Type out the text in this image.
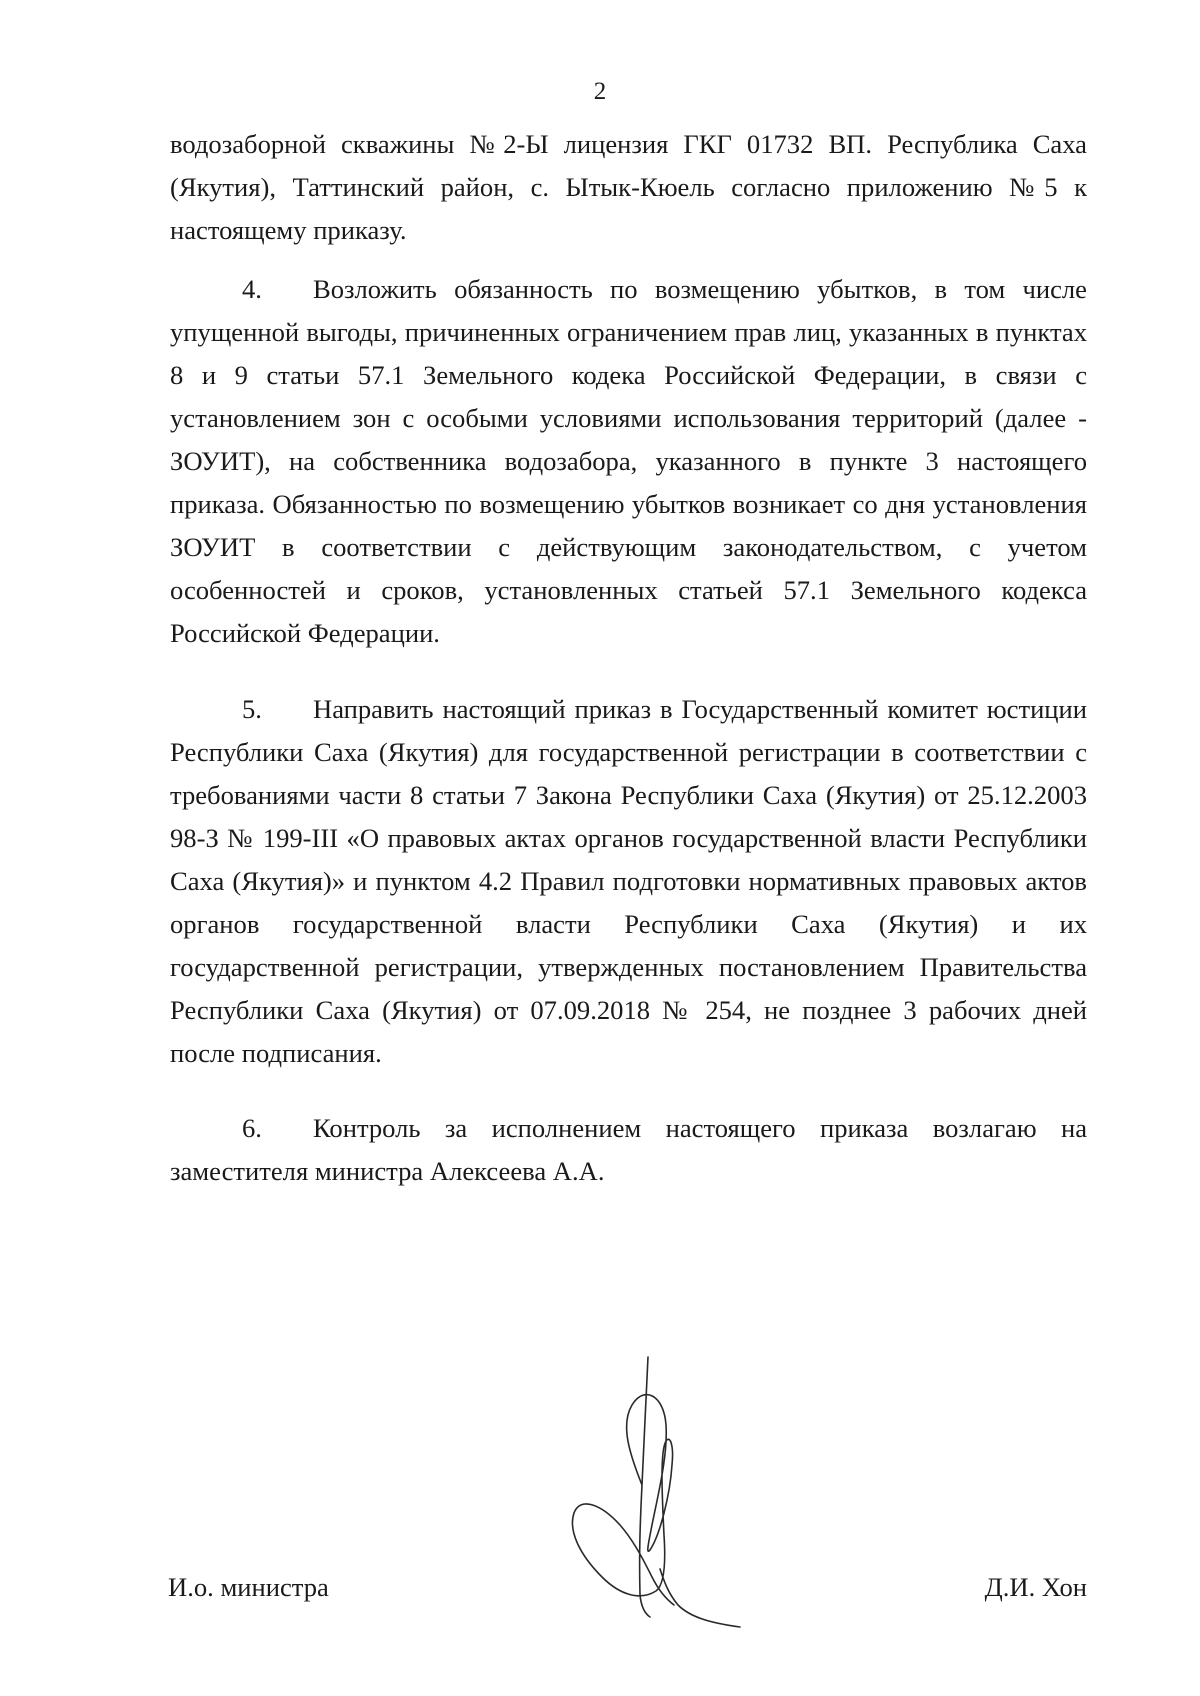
2

водозаборной скважины №2-Ы лицензия ГКГ 01732 ВП. Республика Саха (Якутия), Таттинский район, с. Ытык-Кюель согласно приложению №5 к настоящему приказу.

4. Возложить обязанность по возмещению убытков, в том числе упущенной выгоды, причиненных ограничением прав лиц, указанных в пунктах 8 и 9 статьи 57.1 Земельного кодека Российской Федерации, в связи с установлением зон с особыми условиями использования территорий (далее - ЗОУИТ), на собственника водозабора, указанного в пункте 3 настоящего приказа. Обязанностью по возмещению убытков возникает со дня установления ЗОУИТ в соответствии с действующим законодательством, с учетом особенностей и сроков, установленных статьей 57.1 Земельного кодекса Российской Федерации.

5. Направить настоящий приказ в Государственный комитет юстиции Республики Саха (Якутия) для государственной регистрации в соответствии с требованиями части 8 статьи 7 Закона Республики Саха (Якутия) от 25.12.2003 98-З № 199-III «О правовых актах органов государственной власти Республики Саха (Якутия)» и пунктом 4.2 Правил подготовки нормативных правовых актов органов государственной власти Республики Саха (Якутия) и их государственной регистрации, утвержденных постановлением Правительства Республики Саха (Якутия) от 07.09.2018 № 254, не позднее 3 рабочих дней после подписания.

6. Контроль за исполнением настоящего приказа возлагаю на заместителя министра Алексеева А.А.

И.о. министра	Д.И. Хон
